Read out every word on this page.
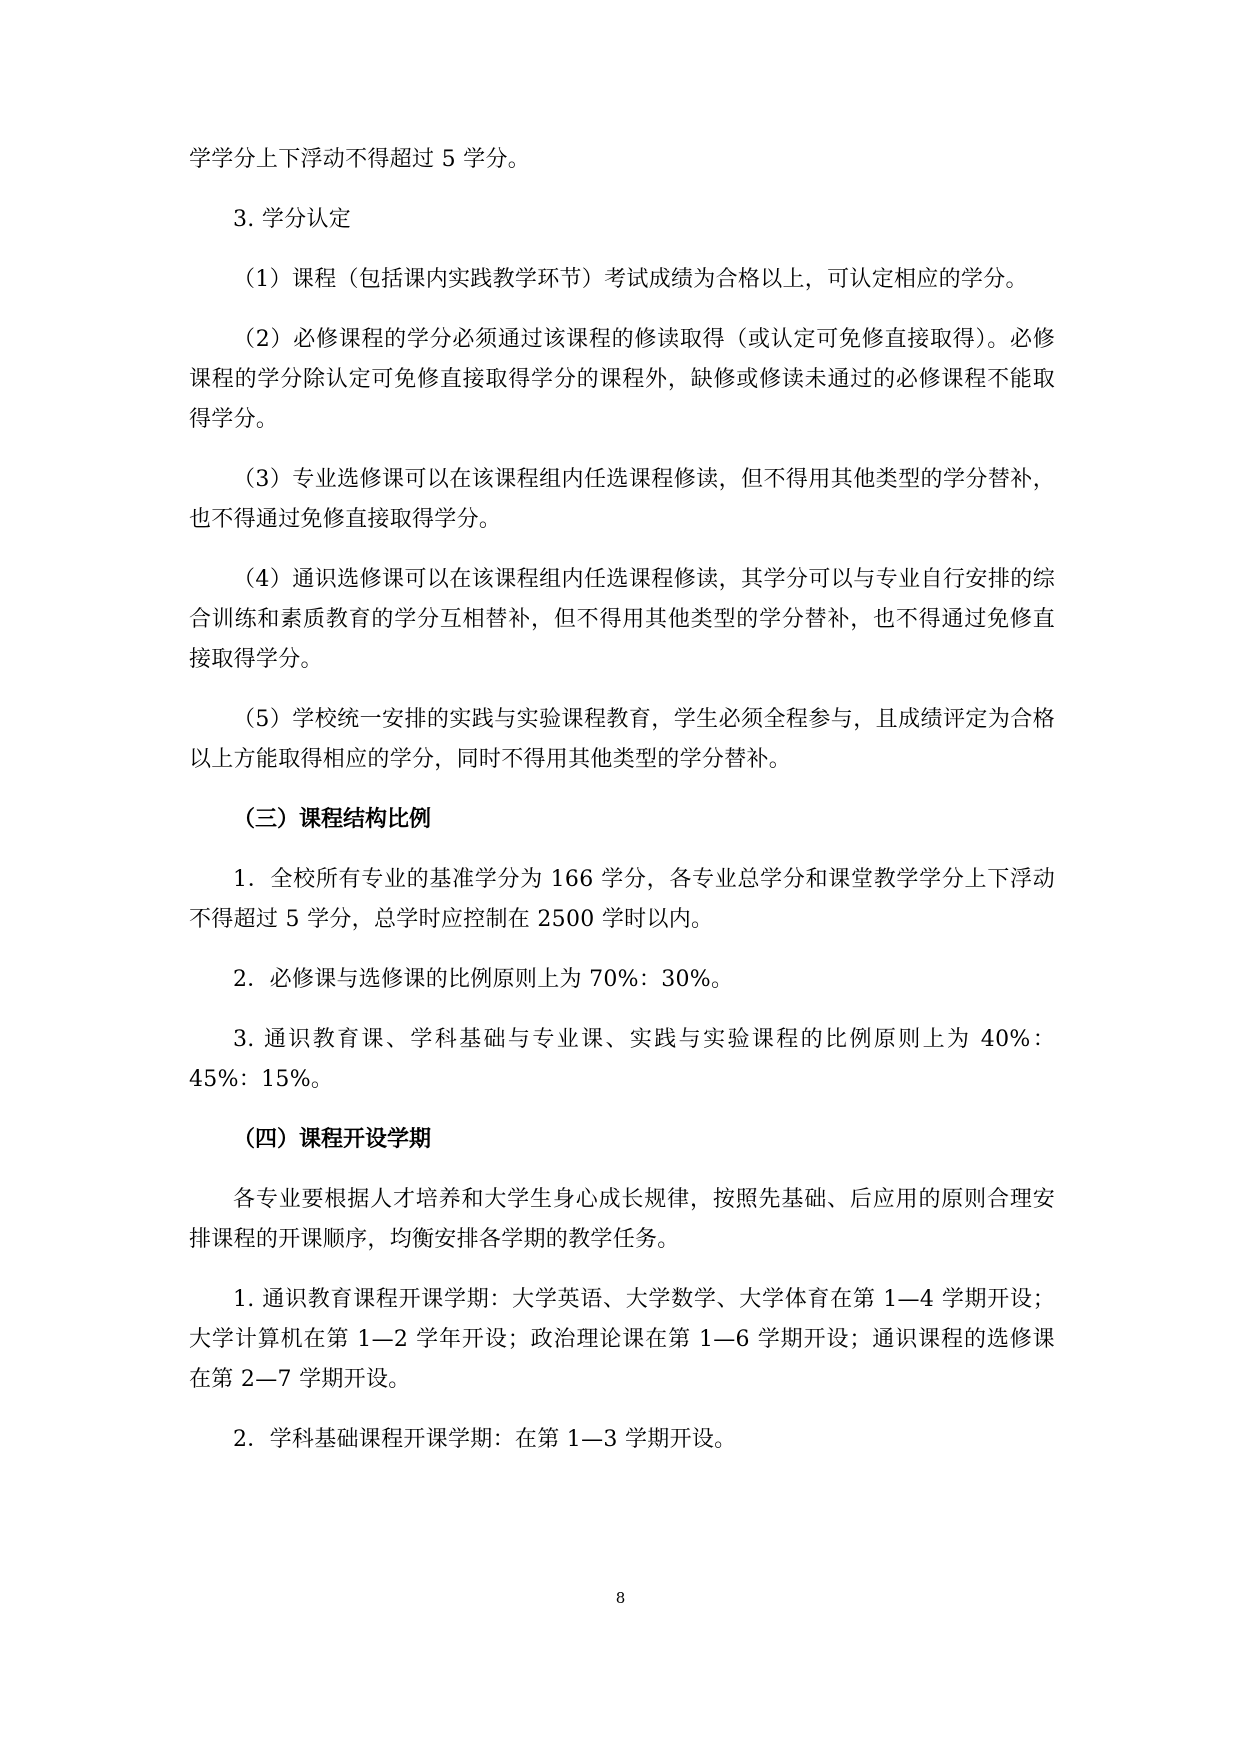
学学分上下浮动不得超过 5 学分。

3. 学分认定

（1）课程（包括课内实践教学环节）考试成绩为合格以上，可认定相应的学分。

（2）必修课程的学分必须通过该课程的修读取得（或认定可免修直接取得）。必修课程的学分除认定可免修直接取得学分的课程外，缺修或修读未通过的必修课程不能取得学分。

（3）专业选修课可以在该课程组内任选课程修读，但不得用其他类型的学分替补，也不得通过免修直接取得学分。

（4）通识选修课可以在该课程组内任选课程修读，其学分可以与专业自行安排的综合训练和素质教育的学分互相替补，但不得用其他类型的学分替补，也不得通过免修直接取得学分。

（5）学校统一安排的实践与实验课程教育，学生必须全程参与，且成绩评定为合格以上方能取得相应的学分，同时不得用其他类型的学分替补。

（三）课程结构比例

1．全校所有专业的基准学分为 166 学分，各专业总学分和课堂教学学分上下浮动不得超过 5 学分，总学时应控制在 2500 学时以内。

2．必修课与选修课的比例原则上为 70%：30%。

3. 通识教育课、学科基础与专业课、实践与实验课程的比例原则上为 40%：45%：15%。

（四）课程开设学期

各专业要根据人才培养和大学生身心成长规律，按照先基础、后应用的原则合理安排课程的开课顺序，均衡安排各学期的教学任务。

1. 通识教育课程开课学期：大学英语、大学数学、大学体育在第 1—4 学期开设；大学计算机在第 1—2 学年开设；政治理论课在第 1—6 学期开设；通识课程的选修课在第 2—7 学期开设。

2．学科基础课程开课学期：在第 1—3 学期开设。

8
